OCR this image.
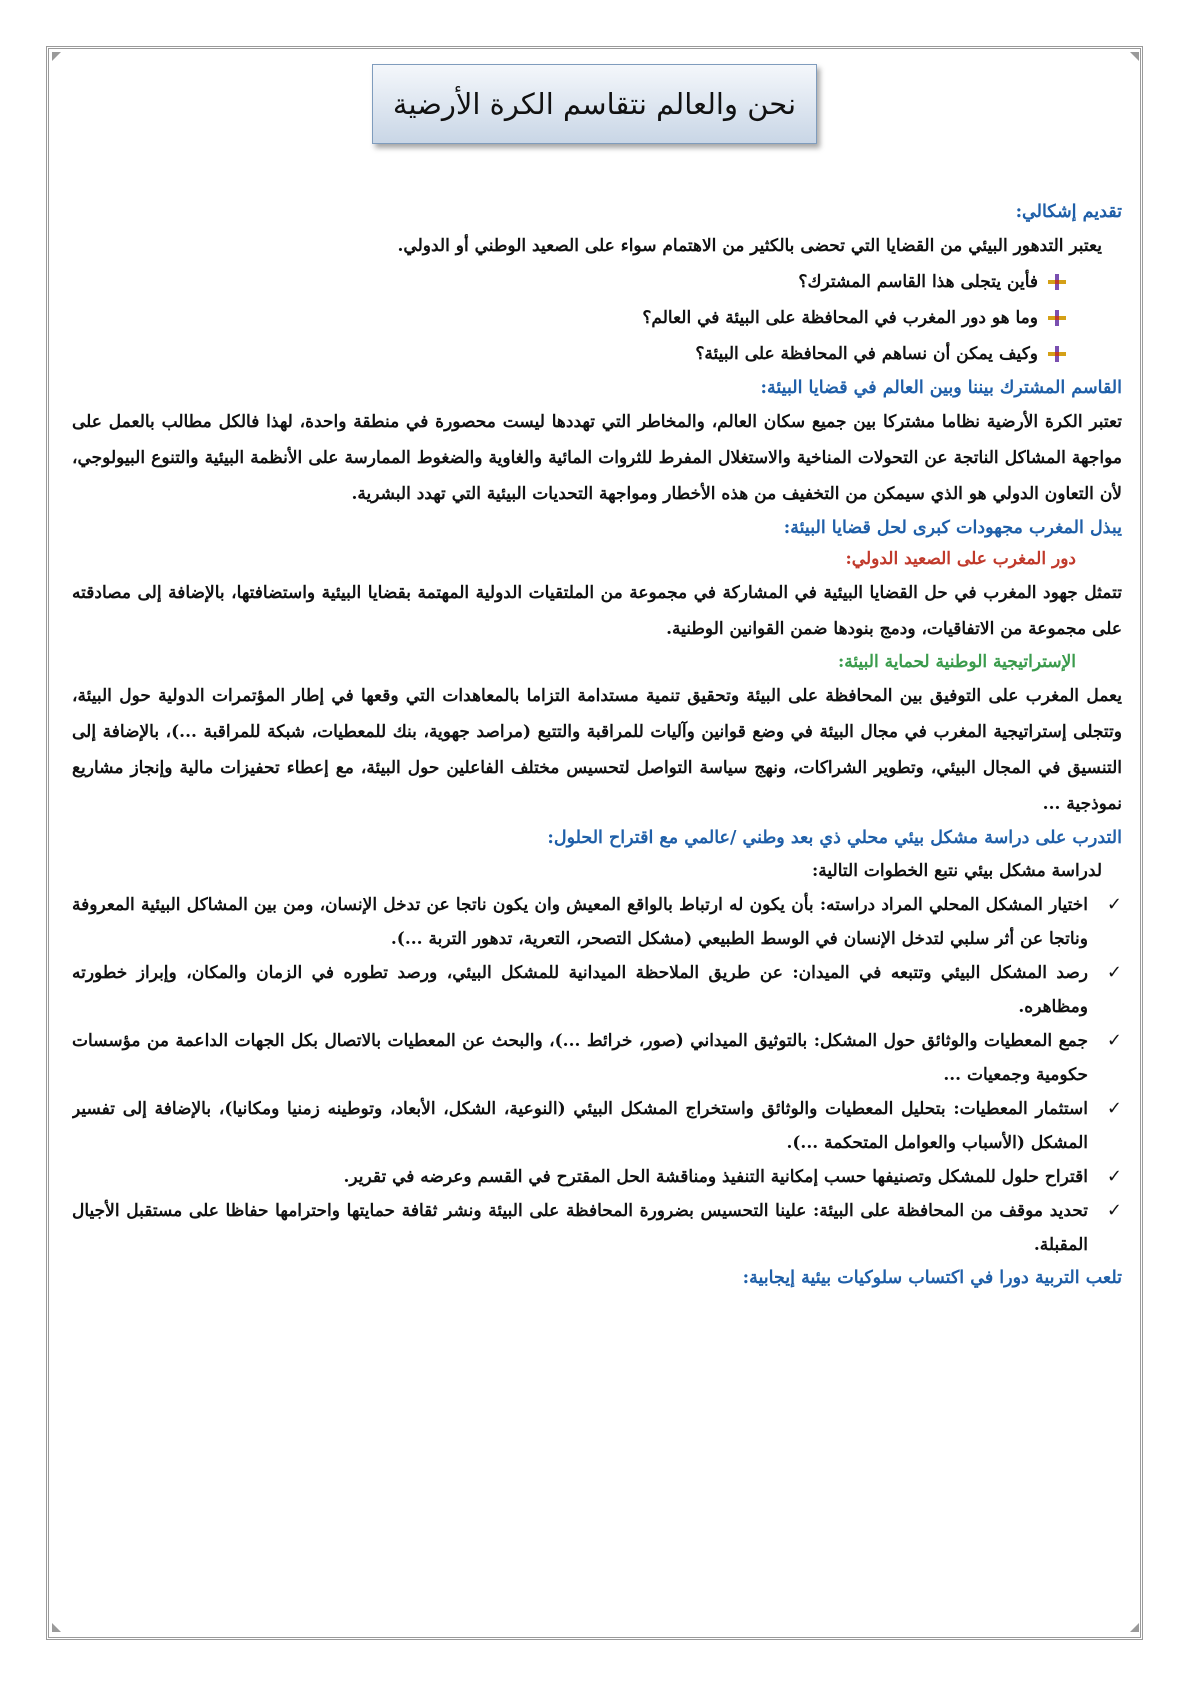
نحن والعالم نتقاسم الكرة الأرضية

تقديم إشكالي:

يعتبر التدهور البيئي من القضايا التي تحضى بالكثير من الاهتمام سواء على الصعيد الوطني أو الدولي.

فأين يتجلى هذا القاسم المشترك؟
وما هو دور المغرب في المحافظة على البيئة في العالم؟
وكيف يمكن أن نساهم في المحافظة على البيئة؟

القاسم المشترك بيننا وبين العالم في قضايا البيئة:

تعتبر الكرة الأرضية نظاما مشتركا بين جميع سكان العالم، والمخاطر التي تهددها ليست محصورة في منطقة واحدة، لهذا فالكل مطالب بالعمل على مواجهة المشاكل الناتجة عن التحولات المناخية والاستغلال المفرط للثروات المائية والغاوية والضغوط الممارسة على الأنظمة البيئية والتنوع البيولوجي، لأن التعاون الدولي هو الذي سيمكن من التخفيف من هذه الأخطار ومواجهة التحديات البيئية التي تهدد البشرية.

يبذل المغرب مجهودات كبرى لحل قضايا البيئة:

دور المغرب على الصعيد الدولي:

تتمثل جهود المغرب في حل القضايا البيئية في المشاركة في مجموعة من الملتقيات الدولية المهتمة بقضايا البيئية واستضافتها، بالإضافة إلى مصادقته على مجموعة من الاتفاقيات، ودمج بنودها ضمن القوانين الوطنية.

الإستراتيجية الوطنية لحماية البيئة:

يعمل المغرب على التوفيق بين المحافظة على البيئة وتحقيق تنمية مستدامة التزاما بالمعاهدات التي وقعها في إطار المؤتمرات الدولية حول البيئة، وتتجلى إستراتيجية المغرب في مجال البيئة في وضع قوانين وآليات للمراقبة والتتبع (مراصد جهوية، بنك للمعطيات، شبكة للمراقبة ...)، بالإضافة إلى التنسيق في المجال البيئي، وتطوير الشراكات، ونهج سياسة التواصل لتحسيس مختلف الفاعلين حول البيئة، مع إعطاء تحفيزات مالية وإنجاز مشاريع نموذجية ...

التدرب على دراسة مشكل بيئي محلي ذي بعد وطني /عالمي مع اقتراح الحلول:

لدراسة مشكل بيئي نتبع الخطوات التالية:

✓
اختيار المشكل المحلي المراد دراسته: بأن يكون له ارتباط بالواقع المعيش وان يكون ناتجا عن تدخل الإنسان، ومن بين المشاكل البيئية المعروفة وناتجا عن أثر سلبي لتدخل الإنسان في الوسط الطبيعي (مشكل التصحر، التعرية، تدهور التربة ...).
✓
رصد المشكل البيئي وتتبعه في الميدان: عن طريق الملاحظة الميدانية للمشكل البيئي، ورصد تطوره في الزمان والمكان، وإبراز خطورته ومظاهره.
✓
جمع المعطيات والوثائق حول المشكل: بالتوثيق الميداني (صور، خرائط ...)، والبحث عن المعطيات بالاتصال بكل الجهات الداعمة من مؤسسات حكومية وجمعيات ...
✓
استثمار المعطيات: بتحليل المعطيات والوثائق واستخراج المشكل البيئي (النوعية، الشكل، الأبعاد، وتوطينه زمنيا ومكانيا)، بالإضافة إلى تفسير المشكل (الأسباب والعوامل المتحكمة ...).
✓
اقتراح حلول للمشكل وتصنيفها حسب إمكانية التنفيذ ومناقشة الحل المقترح في القسم وعرضه في تقرير.
✓
تحديد موقف من المحافظة على البيئة: علينا التحسيس بضرورة المحافظة على البيئة ونشر ثقافة حمايتها واحترامها حفاظا على مستقبل الأجيال المقبلة.

تلعب التربية دورا في اكتساب سلوكيات بيئية إيجابية:
